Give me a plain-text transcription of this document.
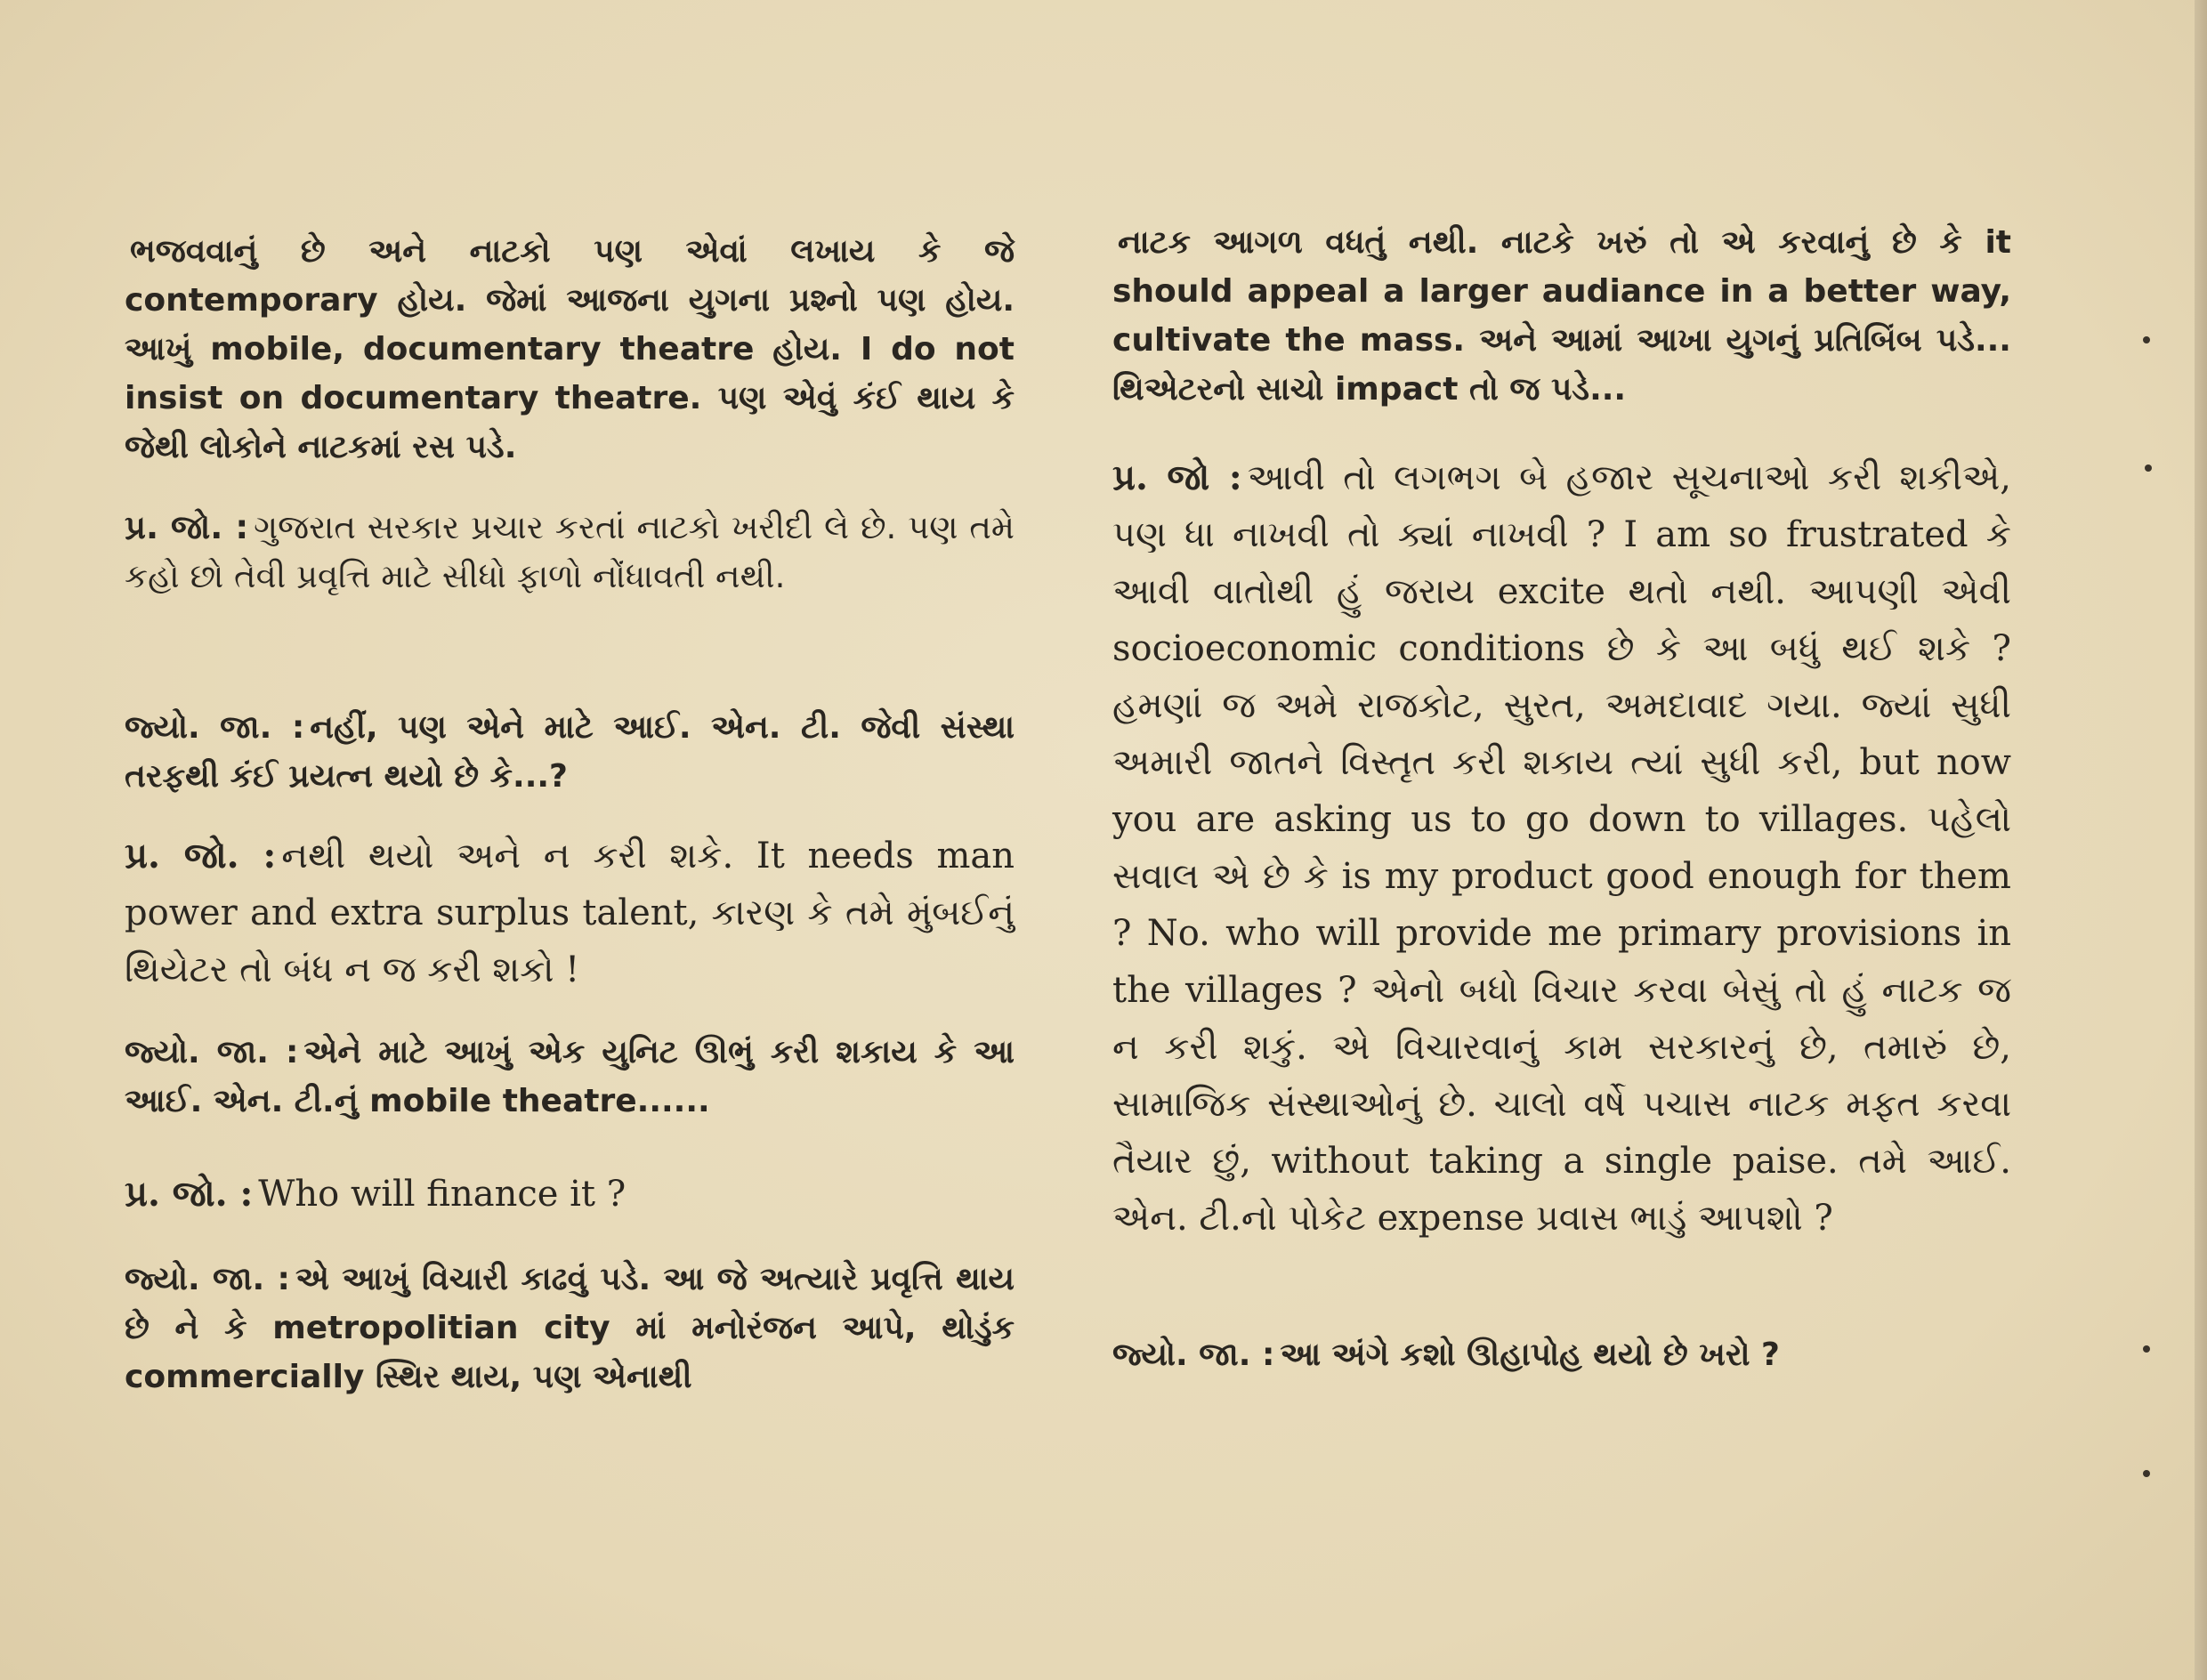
ભજવવાનું છે અને નાટકો પણ એવાં લખાય કે જે contemporary હોય. જેમાં આજના યુગના પ્રશ્નો પણ હોય. આખું mobile, documentary theatre હોય. I do not insist on documentary theatre. પણ એવું કંઈ થાય કે જેથી લોકોને નાટકમાં રસ પડે.

પ્ર. જો. : ગુજરાત સરકાર પ્રચાર કરતાં નાટકો ખરીદી લે છે. પણ તમે કહો છો તેવી પ્રવૃત્તિ માટે સીધો ફાળો નોંધાવતી નથી.

જ્યો. જા. : નહીં, પણ એને માટે આઈ. એન. ટી. જેવી સંસ્થા તરફથી કંઈ પ્રયત્ન થયો છે કે...?

પ્ર. જો. : નથી થયો અને ન કરી શકે. It needs man power and extra surplus talent, કારણ કે તમે મુંબઈનું થિયેટર તો બંધ ન જ કરી શકો !

જ્યો. જા. : એને માટે આખું એક યુનિટ ઊભું કરી શકાય કે આ આઈ. એન. ટી.નું mobile theatre......

પ્ર. જો. : Who will finance it ?

જ્યો. જા. : એ આખું વિચારી કાઢવું પડે. આ જે અત્યારે પ્રવૃત્તિ થાય છે ને કે metropolitian city માં મનોરંજન આપે, થોડુંક commercially સ્થિર થાય, પણ એનાથી

નાટક આગળ વધતું નથી. નાટકે ખરું તો એ કરવાનું છે કે it should appeal a larger audiance in a better way, cultivate the mass. અને આમાં આખા યુગનું પ્રતિબિંબ પડે... થિએટરનો સાચો impact તો જ પડે...

પ્ર. જો : આવી તો લગભગ બે હજાર સૂચનાઓ કરી શકીએ, પણ ધા નાખવી તો ક્યાં નાખવી ? I am so frustrated કે આવી વાતોથી હું જરાય excite થતો નથી. આપણી એવી socioeconomic conditions છે કે આ બધું થઈ શકે ? હમણાં જ અમે રાજકોટ, સુરત, અમદાવાદ ગયા. જ્યાં સુધી અમારી જાતને વિસ્તૃત કરી શકાય ત્યાં સુધી કરી, but now you are asking us to go down to villages. પહેલો સવાલ એ છે કે is my product good enough for them ? No. who will provide me primary provisions in the villages ? એનો બધો વિચાર કરવા બેસું તો હું નાટક જ ન કરી શકું. એ વિચારવાનું કામ સરકારનું છે, તમારું છે, સામાજિક સંસ્થાઓનું છે. ચાલો વર્ષે પચાસ નાટક મફત કરવા તૈયાર છું, without taking a single paise. તમે આઈ. એન. ટી.નો પોકેટ expense પ્રવાસ ભાડું આપશો ?

જ્યો. જા. : આ અંગે કશો ઊહાપોહ થયો છે ખરો ?
